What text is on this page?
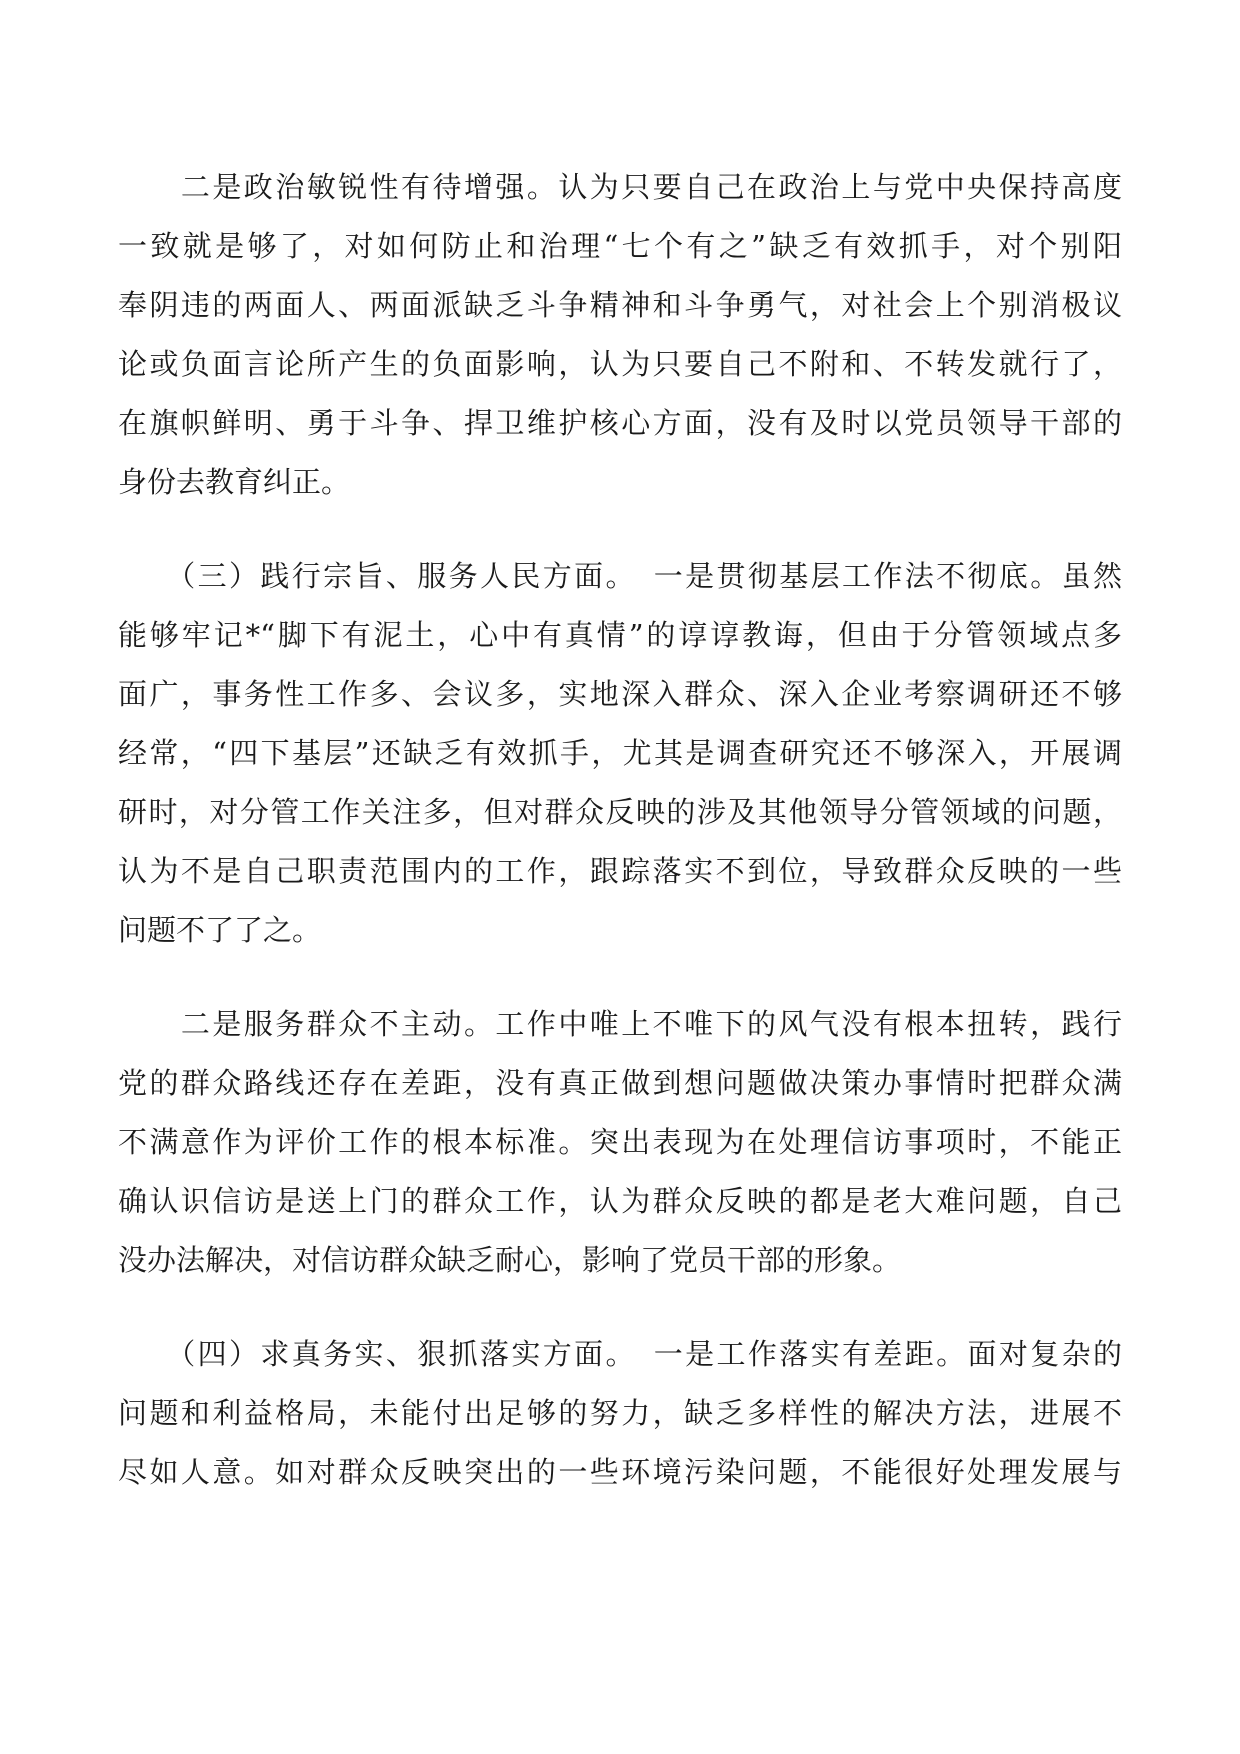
　　二是政治敏锐性有待增强。认为只要自己在政治上与党中央保持高度
一致就是够了，对如何防止和治理“七个有之”缺乏有效抓手，对个别阳
奉阴违的两面人、两面派缺乏斗争精神和斗争勇气，对社会上个别消极议
论或负面言论所产生的负面影响，认为只要自己不附和、不转发就行了，
在旗帜鲜明、勇于斗争、捍卫维护核心方面，没有及时以党员领导干部的
身份去教育纠正。
　　（三）践行宗旨、服务人民方面。　一是贯彻基层工作法不彻底。虽然
能够牢记*“脚下有泥土，心中有真情”的谆谆教诲，但由于分管领域点多
面广，事务性工作多、会议多，实地深入群众、深入企业考察调研还不够
经常，“四下基层”还缺乏有效抓手，尤其是调查研究还不够深入，开展调
研时，对分管工作关注多，但对群众反映的涉及其他领导分管领域的问题，
认为不是自己职责范围内的工作，跟踪落实不到位，导致群众反映的一些
问题不了了之。
　　二是服务群众不主动。工作中唯上不唯下的风气没有根本扭转，践行
党的群众路线还存在差距，没有真正做到想问题做决策办事情时把群众满
不满意作为评价工作的根本标准。突出表现为在处理信访事项时，不能正
确认识信访是送上门的群众工作，认为群众反映的都是老大难问题，自己
没办法解决，对信访群众缺乏耐心，影响了党员干部的形象。
　　（四）求真务实、狠抓落实方面。　一是工作落实有差距。面对复杂的
问题和利益格局，未能付出足够的努力，缺乏多样性的解决方法，进展不
尽如人意。如对群众反映突出的一些环境污染问题，不能很好处理发展与
